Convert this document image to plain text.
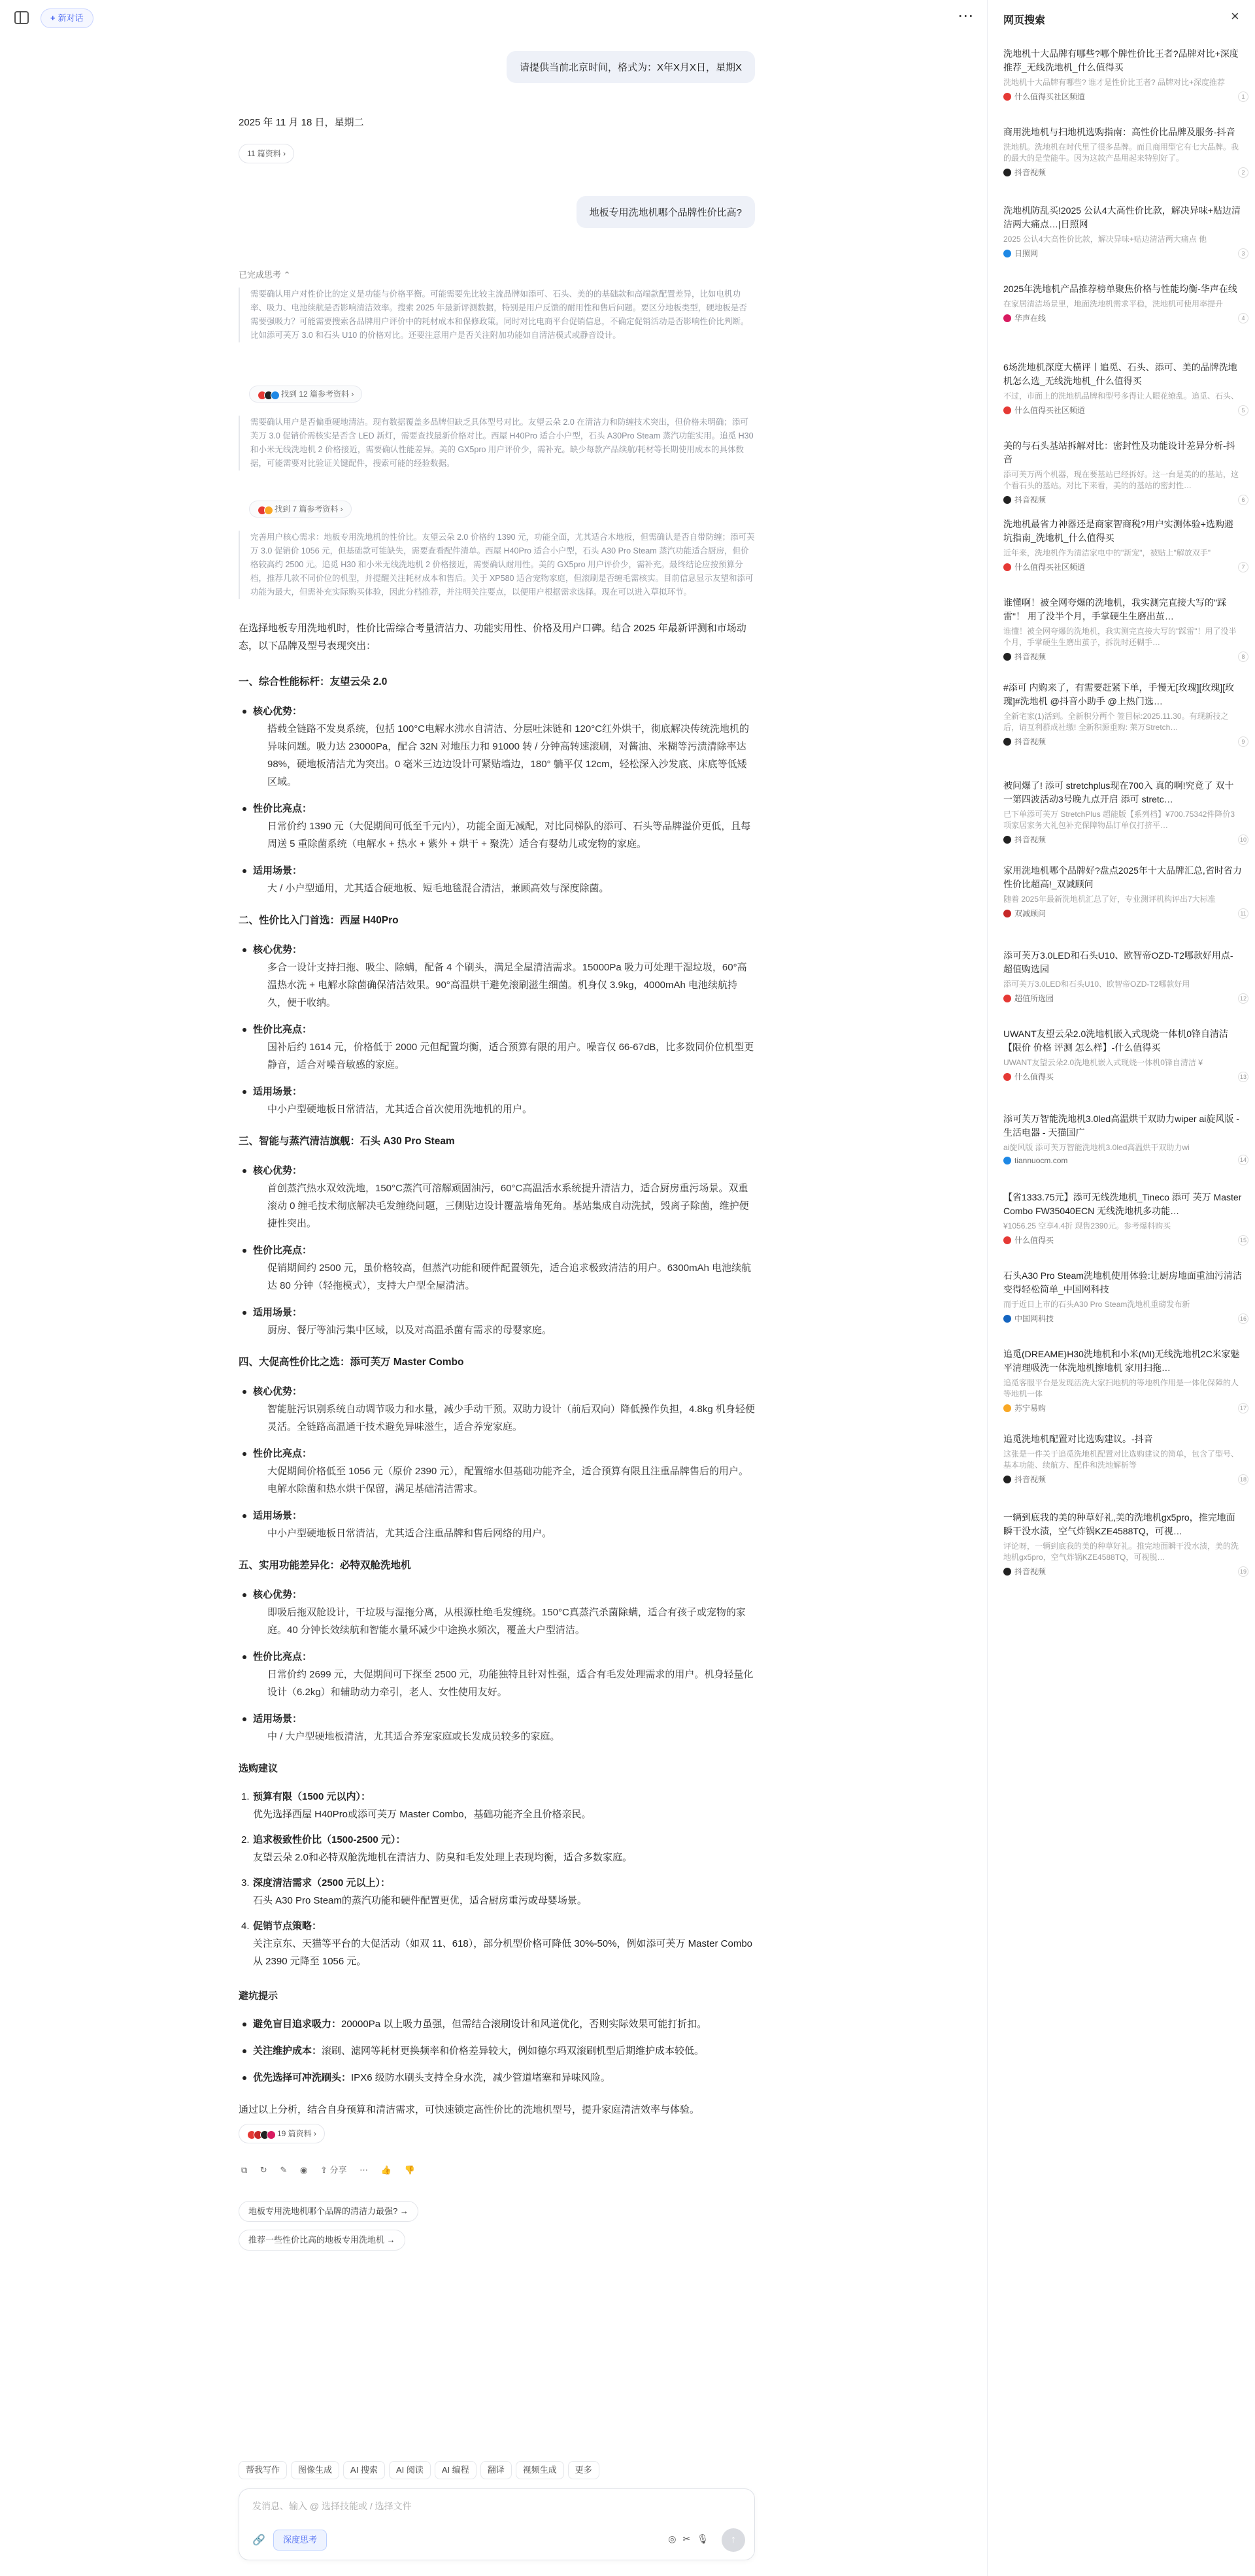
+ 新对话	⋯
请提供当前北京时间，格式为：X年X月X日，星期X
2025 年 11 月 18 日，星期二
11 篇资料 ›
地板专用洗地机哪个品牌性价比高?
已完成思考 ⌃
需要确认用户对性价比的定义是功能与价格平衡。可能需要先比较主流品牌如添可、石头、美的的基础款和高端款配置差异，比如电机功率、吸力、电池续航是否影响清洁效率。搜索 2025 年最新评测数据，特别是用户反馈的耐用性和售后问题。要区分地板类型，硬地板是否需要强吸力？可能需要搜索各品牌用户评价中的耗材成本和保修政策。同时对比电商平台促销信息，不确定促销活动是否影响性价比判断。比如添可芙万 3.0 和石头 U10 的价格对比。还要注意用户是否关注附加功能如自清洁模式或静音设计。
找到 12 篇参考资料 ›
需要确认用户是否偏重硬地清洁。现有数据覆盖多品牌但缺乏具体型号对比。友望云朵 2.0 在清洁力和防缠技术突出，但价格未明确；添可芙万 3.0 促销价需核实是否含 LED 新灯，需要查找最新价格对比。西屋 H40Pro 适合小户型，石头 A30Pro Steam 蒸汽功能实用。追觅 H30 和小米无线洗地机 2 价格接近，需要确认性能差异。美的 GX5pro 用户评价少，需补充。缺少每款产品续航/耗材等长期使用成本的具体数据，可能需要对比验证关键配件，搜索可能的经验数据。
找到 7 篇参考资料 ›
完善用户核心需求：地板专用洗地机的性价比。友望云朵 2.0 价格约 1390 元，功能全面，尤其适合木地板，但需确认是否自带防缠；添可芙万 3.0 促销价 1056 元，但基础款可能缺失，需要查看配件清单。西屋 H40Pro 适合小户型，石头 A30 Pro Steam 蒸汽功能适合厨房，但价格较高约 2500 元。追觅 H30 和小米无线洗地机 2 价格接近，需要确认耐用性。美的 GX5pro 用户评价少，需补充。最终结论应按预算分档，推荐几款不同价位的机型，并提醒关注耗材成本和售后。关于 XP580 适合宠物家庭，但滚刷是否缠毛需核实。目前信息显示友望和添可功能为最大，但需补充实际购买体验，因此分档推荐，并注明关注要点，以便用户根据需求选择。现在可以进入草拟环节。

在选择地板专用洗地机时，性价比需综合考量清洁力、功能实用性、价格及用户口碑。结合 2025 年最新评测和市场动态，以下品牌及型号表现突出：

一、综合性能标杆：友望云朵 2.0
核心优势：
搭载全链路不发臭系统，包括 100°C电解水沸水自清洁、分层吐沫链和 120°C红外烘干，彻底解决传统洗地机的异味问题。吸力达 23000Pa，配合 32N 对地压力和 91000 转 / 分钟高转速滚刷，对酱油、米糊等污渍清除率达 98%，硬地板清洁尤为突出。0 毫米三边边设计可紧贴墙边，180° 躺平仅 12cm，轻松深入沙发底、床底等低矮区域。
性价比亮点：
日常价约 1390 元（大促期间可低至千元内），功能全面无减配，对比同梯队的添可、石头等品牌溢价更低，且每周送 5 重除菌系统（电解水 + 热水 + 紫外 + 烘干 + 聚洗）适合有婴幼儿或宠物的家庭。
适用场景：
大 / 小户型通用，尤其适合硬地板、短毛地毯混合清洁，兼顾高效与深度除菌。
二、性价比入门首选：西屋 H40Pro
核心优势：
多合一设计支持扫拖、吸尘、除螨，配备 4 个刷头，满足全屋清洁需求。15000Pa 吸力可处理干湿垃圾，60°高温热水洗 + 电解水除菌确保清洁效果。90°高温烘干避免滚刷滋生细菌。机身仅 3.9kg，4000mAh 电池续航持久，便于收纳。
性价比亮点：
国补后约 1614 元，价格低于 2000 元但配置均衡，适合预算有限的用户。噪音仅 66-67dB，比多数同价位机型更静音，适合对噪音敏感的家庭。
适用场景：
中小户型硬地板日常清洁，尤其适合首次使用洗地机的用户。
三、智能与蒸汽清洁旗舰：石头 A30 Pro Steam
核心优势：
首创蒸汽热水双效洗地，150°C蒸汽可溶解顽固油污，60°C高温活水系统提升清洁力，适合厨房重污场景。双重滚动 0 缠毛技术彻底解决毛发缠绕问题，三侧贴边设计覆盖墙角死角。基站集成自动洗拭，毁离子除菌，维护便捷性突出。
性价比亮点：
促销期间约 2500 元，虽价格较高，但蒸汽功能和硬件配置领先，适合追求极致清洁的用户。6300mAh 电池续航达 80 分钟（轻拖模式），支持大户型全屋清洁。
适用场景：
厨房、餐厅等油污集中区域，以及对高温杀菌有需求的母婴家庭。
四、大促高性价比之选：添可芙万 Master Combo
核心优势：
智能脏污识别系统自动调节吸力和水量，减少手动干预。双助力设计（前后双向）降低操作负担，4.8kg 机身轻便灵活。全链路高温通干技术避免异味滋生，适合养宠家庭。
性价比亮点：
大促期间价格低至 1056 元（原价 2390 元），配置缩水但基础功能齐全，适合预算有限且注重品牌售后的用户。电解水除菌和热水烘干保留，满足基础清洁需求。
适用场景：
中小户型硬地板日常清洁，尤其适合注重品牌和售后网络的用户。
五、实用功能差异化：必特双舱洗地机
核心优势：
即吸后拖双舱设计，干垃圾与湿拖分离，从根源杜绝毛发缠绕。150°C真蒸汽杀菌除螨，适合有孩子或宠物的家庭。40 分钟长效续航和智能水量环减少中途换水频次，覆盖大户型清洁。
性价比亮点：
日常价约 2699 元，大促期间可下探至 2500 元，功能独特且针对性强，适合有毛发处理需求的用户。机身轻量化设计（6.2kg）和辅助动力牵引，老人、女性使用友好。
适用场景：
中 / 大户型硬地板清洁，尤其适合养宠家庭或长发成员较多的家庭。
选购建议
1. 预算有限（1500 元以内）：
优先选择西屋 H40Pro或添可芙万 Master Combo，基础功能齐全且价格亲民。
2. 追求极致性价比（1500-2500 元）：
友望云朵 2.0和必特双舱洗地机在清洁力、防臭和毛发处理上表现均衡，适合多数家庭。
3. 深度清洁需求（2500 元以上）：
石头 A30 Pro Steam的蒸汽功能和硬件配置更优，适合厨房重污或母婴场景。
4. 促销节点策略：
关注京东、天猫等平台的大促活动（如双 11、618），部分机型价格可降低 30%-50%，例如添可芙万 Master Combo 从 2390 元降至 1056 元。
避坑提示
避免盲目追求吸力：20000Pa 以上吸力虽强，但需结合滚刷设计和风道优化，否则实际效果可能打折扣。
关注维护成本：滚刷、滤网等耗材更换频率和价格差异较大，例如德尔玛双滚刷机型后期维护成本较低。
优先选择可冲洗刷头：IPX6 级防水刷头支持全身水洗，减少管道堵塞和异味风险。

通过以上分析，结合自身预算和清洁需求，可快速锁定高性价比的洗地机型号，提升家庭清洁效率与体验。

19 篇资料 ›
⧉ ↻ ✎ ◉ ⇪ 分享 ⋯ 👍 👎
地板专用洗地机哪个品牌的清洁力最强? →
推荐一些性价比高的地板专用洗地机 →
帮我写作 图像生成 AI 搜索 AI 阅读 AI 编程 翻译 视频生成 更多
发消息、输入 @ 选择技能或 / 选择文件
🔗	深度思考	◎✂🎙	↑
网页搜索	×
洗地机十大品牌有哪些?哪个牌性价比王者?品牌对比+深度推荐_无线洗地机_什么值得买
洗地机十大品牌有哪些? 谁才是性价比王者? 品牌对比+深度推荐
什么值得买社区频道	1
商用洗地机与扫地机选购指南：高性价比品牌及服务-抖音
洗地机。洗地机在时代里了很多品牌。而且商用型它有七大品牌。我的最大的是莹能牛。因为这款产品用起来特别好了。
抖音视频	2
洗地机防乱买!2025 公认4大高性价比款，解决异味+贴边清洁两大痛点…|日照网
2025 公认4大高性价比款，解决异味+贴边清洁两大痛点 他
日照网	3
2025年洗地机产品推荐榜单聚焦价格与性能均衡-华声在线
在家居清洁场景里，地面洗地机需求平稳，洗地机可使用率提升
华声在线	4
6场洗地机深度大横评丨追觅、石头、添可、美的品牌洗地机怎么选_无线洗地机_什么值得买
不过，市面上的洗地机品牌和型号多得让人眼花缭乱。追觅、石头、
什么值得买社区频道	5
美的与石头基站拆解对比：密封性及功能设计差异分析-抖音
添可芙万两个机器，现在要基站已经拆好。这一台是美的的基站，这个看石头的基站。对比下来看，美的的基站的密封性…
抖音视频	6
洗地机最省力神器还是商家智商税?用户实测体验+选购避坑指南_洗地机_什么值得买
近年来，洗地机作为清洁家电中的"新宠"，被贴上"解放双手"
什么值得买社区频道	7
谁懂啊！被全网夸爆的洗地机，我实测完直接大写的"踩雷"！ 用了没半个月，手掌硬生生磨出茧…
谁懂！被全网夸爆的洗地机，我实测完直接大写的"踩雷"！用了没半个月，手掌硬生生磨出茧子，拆洗时还糊手…
抖音视频	8
#添可 内购来了，有需要赶紧下单，手慢无[玫瑰][玫瑰][玫瑰]#洗地机 @抖音小助手 @上热门选…
全新宅家(1)活到。全新积分两个 签目标:2025.11.30。有现新技之后，请互利群成社缴! 全新积源重购: 莱万Stretch…
抖音视频	9
被问爆了! 添可 stretchplus现在700入 真的啊!究竟了 双十一第四波活动3号晚九点开启 添可 stretc…
已下单添可芙万 StretchPlus 超能版【系列档】¥700.75342件降价3项家居家务大礼包补充保障物品订单仅打挤平…
抖音视频	10
家用洗地机哪个品牌好?盘点2025年十大品牌汇总,省时省力性价比超高!_双减顾问
随着 2025年最新洗地机汇总了好，专业测评机构评出7大标准
双减顾问	11
添可芙万3.0LED和石头U10、欧智帝OZD-T2哪款好用点-超值购选园
添可芙万3.0LED和石头U10、欧智帝OZD-T2哪款好用
超值所选园	12
UWANT友望云朵2.0洗地机嵌入式现烧一体机0锋自清洁【限价 价格 评测 怎么样】-什么值得买
UWANT友望云朵2.0洗地机嵌入式现烧一体机0锋自清洁 ¥
什么值得买	13
添可芙万智能洗地机3.0led高温烘干双助力wiper ai旋风版 - 生活电器 - 天猫国广
ai旋风版 添可芙万智能洗地机3.0led高温烘干双助力wi
tiannuocm.com	14
【省1333.75元】添可无线洗地机_Tineco 添可 芙万 Master Combo FW35040ECN 无线洗地机多功能…
¥1056.25 空享4.4折 现售2390元。参考爆料购买
什么值得买	15
石头A30 Pro Steam洗地机使用体验:让厨房地面重油污清洁变得轻松简单_中国网科技
而于近日上市的石头A30 Pro Steam洗地机重磅发布新
中国网科技	16
追觅(DREAME)H30洗地机和小米(MI)无线洗地机2C米家魅平清理吸洗一体洗地机擦地机 家用扫拖…
追觅客服平台是发现活洗大家扫地机的等地机作用是一体化保障的人等地机一体
苏宁易购	17
追觅洗地机配置对比选购建议。-抖音
这张是一件关于追觅洗地机配置对比选购建议的简单，包含了型号、基本功能、续航方、配件和洗地解析等
抖音视频	18
一辆到底我的美的种草好礼,美的洗地机gx5pro，推完地面瞬干没水渍，空气炸锅KZE4588TQ，可视…
评论呀，一辆到底我的美的种草好礼。推完地面瞬干没水渍，美的洗地机gx5pro，空气炸锅KZE4588TQ，可视脱…
抖音视频	19
